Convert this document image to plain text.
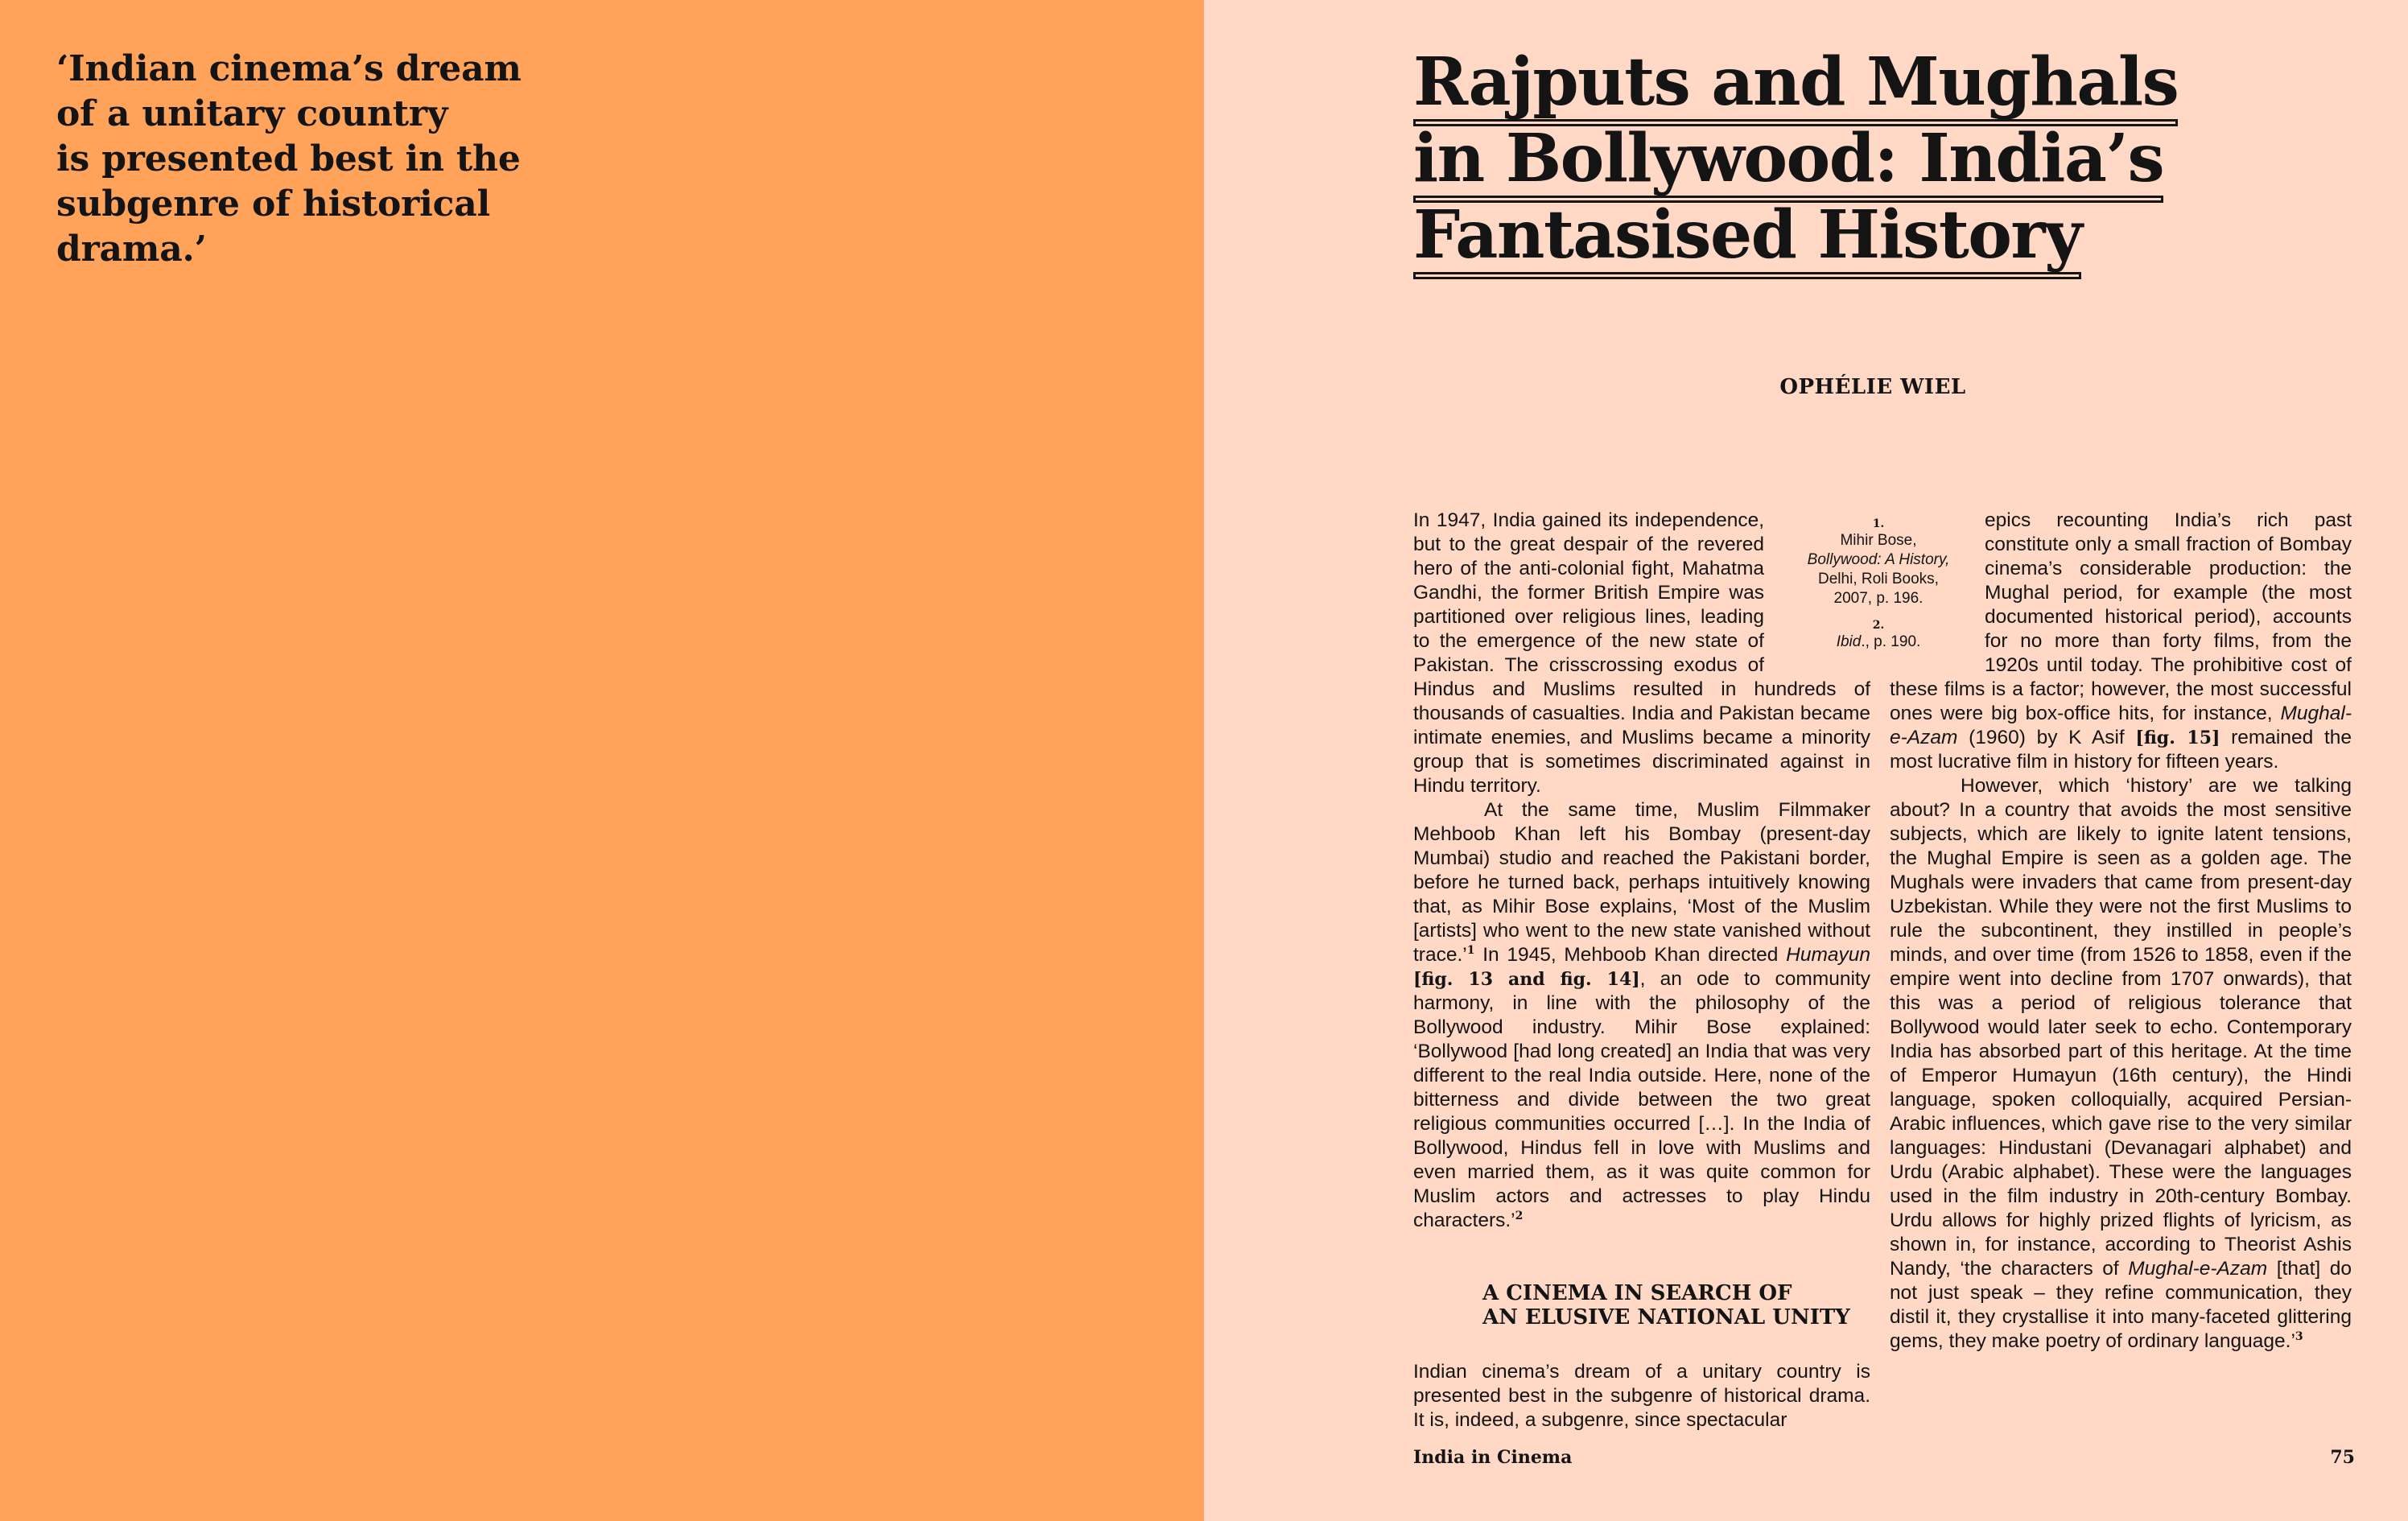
‘Indian cinema’s dream
of a unitary country
is presented best in the
subgenre of historical
drama.’

Rajputs and Mughals
in Bollywood: India’s
Fantasised History

OPHÉLIE WIEL

In 1947, India gained its independence, but to the great despair of the revered hero of the anti-colonial fight, Mahatma Gandhi, the former British Empire was partitioned over religious lines, leading to the emergence of the new state of Pakistan. The crisscrossing exodus of Hindus and Muslims resulted in hundreds of thousands of casualties. India and Pakistan became intimate enemies, and Muslims became a minority group that is sometimes discriminated against in Hindu territory.

At the same time, Muslim Filmmaker Mehboob Khan left his Bombay (present-day Mumbai) studio and reached the Pakistani border, before he turned back, perhaps intuitively knowing that, as Mihir Bose explains, ‘Most of the Muslim [artists] who went to the new state vanished without trace.’$^1$ In 1945, Mehboob Khan directed Humayun [fig. 13 and fig. 14], an ode to community harmony, in line with the philosophy of the Bollywood industry. Mihir Bose explained: ‘Bollywood [had long created] an India that was very different to the real India outside. Here, none of the bitterness and divide between the two great religious communities occurred […]. In the India of Bollywood, Hindus fell in love with Muslims and even married them, as it was quite common for Muslim actors and actresses to play Hindu characters.’$^2$

A CINEMA IN SEARCH OF
AN ELUSIVE NATIONAL UNITY

Indian cinema’s dream of a unitary country is presented best in the subgenre of historical drama. It is, indeed, a subgenre, since spectacular

1.
Mihir Bose,
Bollywood: A History,
Delhi, Roli Books,
2007, p. 196.

2.
Ibid., p. 190.

epics recounting India’s rich past constitute only a small fraction of Bombay cinema’s considerable production: the Mughal period, for example (the most documented historical period), accounts for no more than forty films, from the 1920s until today. The prohibitive cost of these films is a factor; however, the most successful ones were big box-office hits, for instance, Mughal-e-Azam (1960) by K Asif [fig. 15] remained the most lucrative film in history for fifteen years.

However, which ‘history’ are we talking about? In a country that avoids the most sensitive subjects, which are likely to ignite latent tensions, the Mughal Empire is seen as a golden age. The Mughals were invaders that came from present-day Uzbekistan. While they were not the first Muslims to rule the subcontinent, they instilled in people’s minds, and over time (from 1526 to 1858, even if the empire went into decline from 1707 onwards), that this was a period of religious tolerance that Bollywood would later seek to echo. Contemporary India has absorbed part of this heritage. At the time of Emperor Humayun (16th century), the Hindi language, spoken colloquially, acquired Persian-Arabic influences, which gave rise to the very similar languages: Hindustani (Devanagari alphabet) and Urdu (Arabic alphabet). These were the languages used in the film industry in 20th-century Bombay. Urdu allows for highly prized flights of lyricism, as shown in, for instance, according to Theorist Ashis Nandy, ‘the characters of Mughal-e-Azam [that] do not just speak – they refine communication, they distil it, they crystallise it into many-faceted glittering gems, they make poetry of ordinary language.’$^3$

India in Cinema	75
